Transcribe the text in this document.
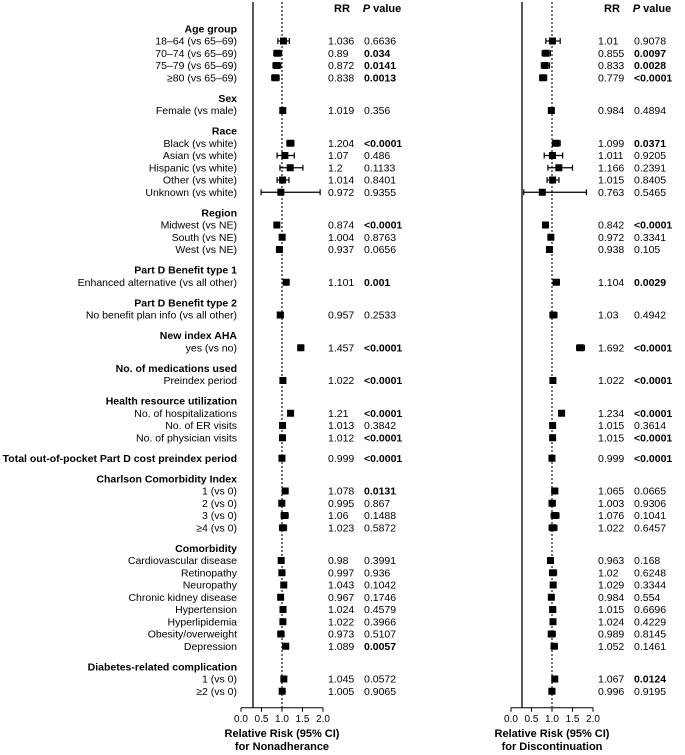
RR P value	RR P value
0.0 0.5 1.0 1.5 2.0
Relative Risk (95% CI)
for Nonadherance
0.0 0.5 1.0 1.5 2.0
Relative Risk (95% CI)
for Discontinuation
Age group
18–64 (vs 65–69)	1.036 0.6636	1.01 0.9078
70–74 (vs 65–69)	0.89 0.034	0.855 0.0097
75–79 (vs 65–69)	0.872 0.0141	0.833 0.0028
≥80 (vs 65–69)	0.838 0.0013	0.779 <0.0001
Sex
Female (vs male)	1.019 0.356	0.984 0.4894
Race
Black (vs white)	1.204 <0.0001	1.099 0.0371
Asian (vs white)	1.07 0.486	1.011 0.9205
Hispanic (vs white)	1.2 0.1133	1.166 0.2391
Other (vs white)	1.014 0.8401	1.015 0.8405
Unknown (vs white)	0.972 0.9355	0.763 0.5465
Region
Midwest (vs NE)	0.874 <0.0001	0.842 <0.0001
South (vs NE)	1.004 0.8763	0.972 0.3341
West (vs NE)	0.937 0.0656	0.938 0.105
Part D Benefit type 1
Enhanced alternative (vs all other)	1.101 0.001	1.104 0.0029
Part D Benefit type 2
No benefit plan info (vs all other)	0.957 0.2533	1.03 0.4942
New index AHA
yes (vs no)	1.457 <0.0001	1.692 <0.0001
No. of medications used
Preindex period	1.022 <0.0001	1.022 <0.0001
Health resource utilization
No. of hospitalizations	1.21 <0.0001	1.234 <0.0001
No. of ER visits	1.013 0.3842	1.015 0.3614
No. of physician visits	1.012 <0.0001	1.015 <0.0001
Total out-of-pocket Part D cost preindex period	0.999 <0.0001	0.999 <0.0001
Charlson Comorbidity Index
1 (vs 0)	1.078 0.0131	1.065 0.0665
2 (vs 0)	0.995 0.867	1.003 0.9306
3 (vs 0)	1.06 0.1488	1.076 0.1041
≥4 (vs 0)	1.023 0.5872	1.022 0.6457
Comorbidity
Cardiovascular disease	0.98 0.3991	0.963 0.168
Retinopathy	0.997 0.936	1.02 0.6248
Neuropathy	1.043 0.1042	1.029 0.3344
Chronic kidney disease	0.967 0.1746	0.984 0.554
Hypertension	1.024 0.4579	1.015 0.6696
Hyperlipidemia	1.022 0.3966	1.024 0.4229
Obesity/overweight	0.973 0.5107	0.989 0.8145
Depression	1.089 0.0057	1.052 0.1461
Diabetes-related complication
1 (vs 0)	1.045 0.0572	1.067 0.0124
≥2 (vs 0)	1.005 0.9065	0.996 0.9195
